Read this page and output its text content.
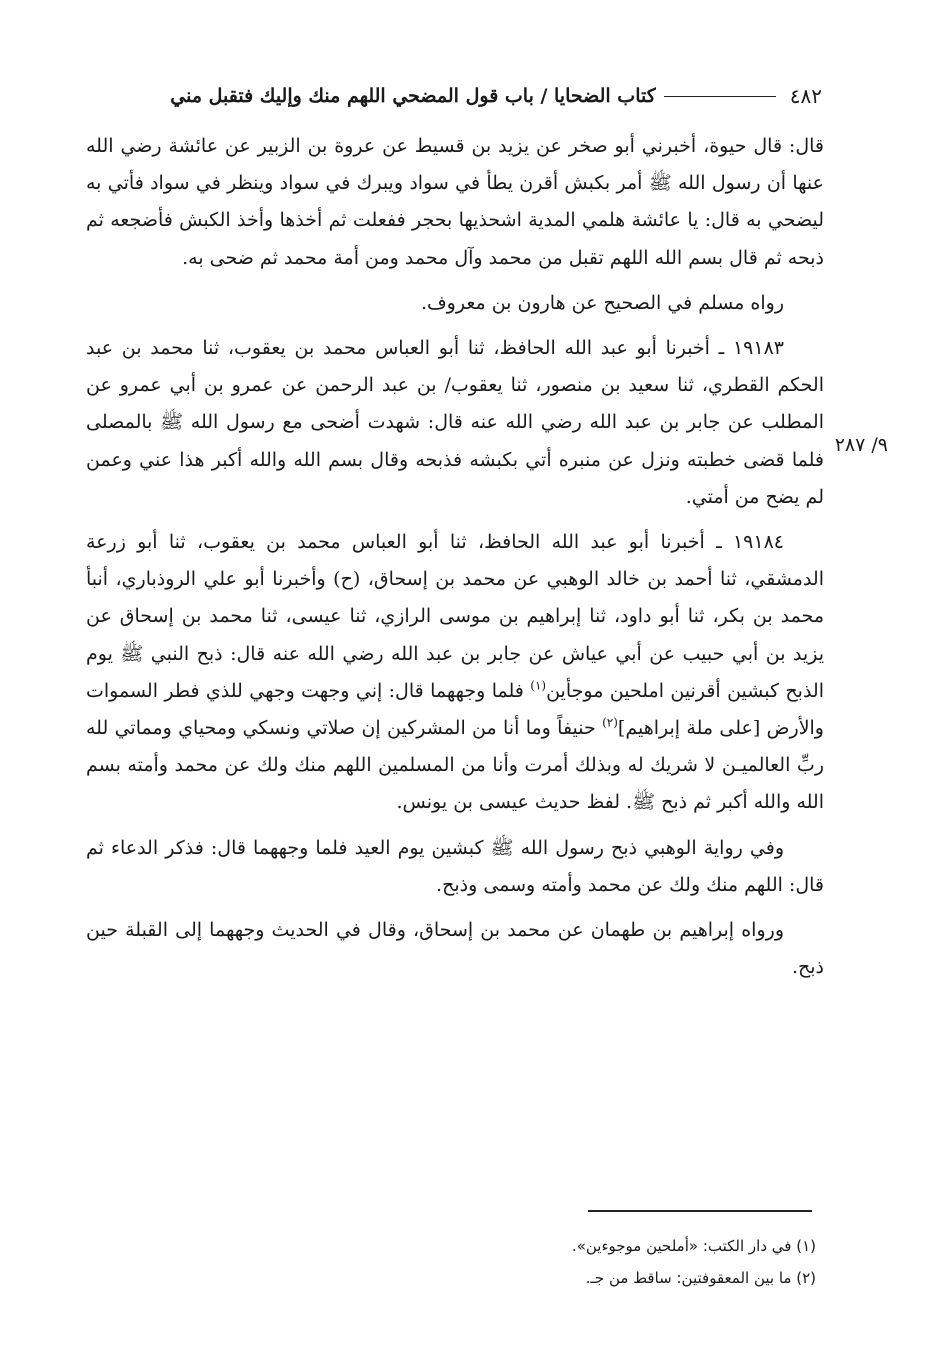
٤٨٢
كتاب الضحايا / باب قول المضحي اللهم منك وإليك فتقبل مني
٩/ ٢٨٧

قال: قال حيوة، أخبرني أبو صخر عن يزيد بن قسيط عن عروة بن الزبير عن عائشة رضي الله عنها أن رسول الله ﷺ أمر بكبش أقرن يطأ في سواد ويبرك في سواد وينظر في سواد فأتي به ليضحي به قال: يا عائشة هلمي المدية اشحذيها بحجر ففعلت ثم أخذها وأخذ الكبش فأضجعه ثم ذبحه ثم قال بسم الله اللهم تقبل من محمد وآل محمد ومن أمة محمد ثم ضحى به.

رواه مسلم في الصحيح عن هارون بن معروف.

١٩١٨٣ ـ أخبرنا أبو عبد الله الحافظ، ثنا أبو العباس محمد بن يعقوب، ثنا محمد بن عبد الحكم القطري، ثنا سعيد بن منصور، ثنا يعقوب/ بن عبد الرحمن عن عمرو بن أبي عمرو عن المطلب عن جابر بن عبد الله رضي الله عنه قال: شهدت أضحى مع رسول الله ﷺ بالمصلى فلما قضى خطبته ونزل عن منبره أتي بكبشه فذبحه وقال بسم الله والله أكبر هذا عني وعمن لم يضح من أمتي.

١٩١٨٤ ـ أخبرنا أبو عبد الله الحافظ، ثنا أبو العباس محمد بن يعقوب، ثنا أبو زرعة الدمشقي، ثنا أحمد بن خالد الوهبي عن محمد بن إسحاق، (ح) وأخبرنا أبو علي الروذباري، أنبأ محمد بن بكر، ثنا أبو داود، ثنا إبراهيم بن موسى الرازي، ثنا عيسى، ثنا محمد بن إسحاق عن يزيد بن أبي حبيب عن أبي عياش عن جابر بن عبد الله رضي الله عنه قال: ذبح النبي ﷺ يوم الذبح كبشين أقرنين املحين موجأين$^{(١)}$ فلما وجههما قال: إني وجهت وجهي للذي فطر السموات والأرض [على ملة إبراهيم]$^{(٢)}$ حنيفاً وما أنا من المشركين إن صلاتي ونسكي ومحياي ومماتي لله ربِّ العالميـن لا شريك له وبذلك أمرت وأنا من المسلمين اللهم منك ولك عن محمد وأمته بسم الله والله أكبر ثم ذبح ﷺ. لفظ حديث عيسى بن يونس.

وفي رواية الوهبي ذبح رسول الله ﷺ كبشين يوم العيد فلما وجههما قال: فذكر الدعاء ثم قال: اللهم منك ولك عن محمد وأمته وسمى وذبح.

ورواه إبراهيم بن طهمان عن محمد بن إسحاق، وقال في الحديث وجههما إلى القبلة حين ذبح.

(١) في دار الكتب: «أملحين موجوءين».
(٢) ما بين المعقوفتين: ساقط من جـ.
